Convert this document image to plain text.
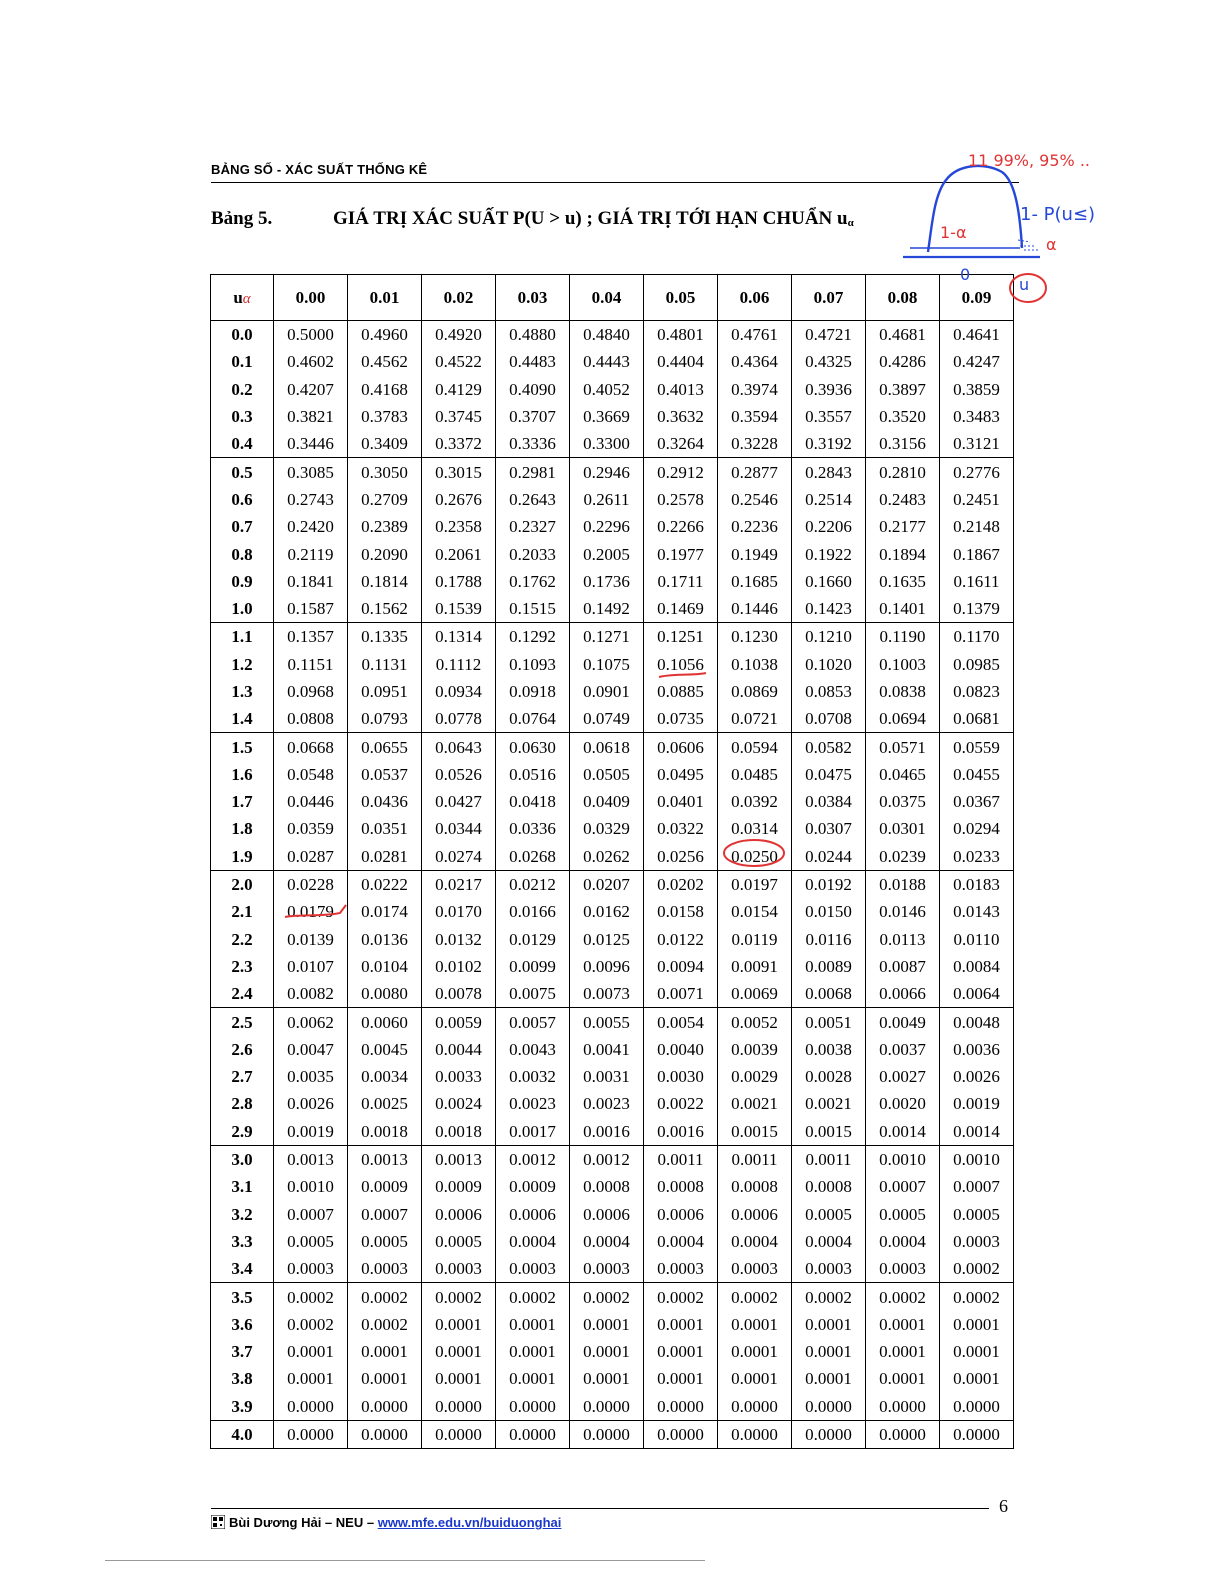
BẢNG SỐ - XÁC SUẤT THỐNG KÊ
Bảng 5.	GIÁ TRỊ XÁC SUẤT P(U > u) ; GIÁ TRỊ TỚI HẠN CHUẨN $u_\alpha$
uα	0.00	0.01	0.02	0.03	0.04	0.05	0.06	0.07	0.08	0.09
0.0	0.5000	0.4960	0.4920	0.4880	0.4840	0.4801	0.4761	0.4721	0.4681	0.4641
0.1	0.4602	0.4562	0.4522	0.4483	0.4443	0.4404	0.4364	0.4325	0.4286	0.4247
0.2	0.4207	0.4168	0.4129	0.4090	0.4052	0.4013	0.3974	0.3936	0.3897	0.3859
0.3	0.3821	0.3783	0.3745	0.3707	0.3669	0.3632	0.3594	0.3557	0.3520	0.3483
0.4	0.3446	0.3409	0.3372	0.3336	0.3300	0.3264	0.3228	0.3192	0.3156	0.3121
0.5	0.3085	0.3050	0.3015	0.2981	0.2946	0.2912	0.2877	0.2843	0.2810	0.2776
0.6	0.2743	0.2709	0.2676	0.2643	0.2611	0.2578	0.2546	0.2514	0.2483	0.2451
0.7	0.2420	0.2389	0.2358	0.2327	0.2296	0.2266	0.2236	0.2206	0.2177	0.2148
0.8	0.2119	0.2090	0.2061	0.2033	0.2005	0.1977	0.1949	0.1922	0.1894	0.1867
0.9	0.1841	0.1814	0.1788	0.1762	0.1736	0.1711	0.1685	0.1660	0.1635	0.1611
1.0	0.1587	0.1562	0.1539	0.1515	0.1492	0.1469	0.1446	0.1423	0.1401	0.1379
1.1	0.1357	0.1335	0.1314	0.1292	0.1271	0.1251	0.1230	0.1210	0.1190	0.1170
1.2	0.1151	0.1131	0.1112	0.1093	0.1075	0.1056	0.1038	0.1020	0.1003	0.0985
1.3	0.0968	0.0951	0.0934	0.0918	0.0901	0.0885	0.0869	0.0853	0.0838	0.0823
1.4	0.0808	0.0793	0.0778	0.0764	0.0749	0.0735	0.0721	0.0708	0.0694	0.0681
1.5	0.0668	0.0655	0.0643	0.0630	0.0618	0.0606	0.0594	0.0582	0.0571	0.0559
1.6	0.0548	0.0537	0.0526	0.0516	0.0505	0.0495	0.0485	0.0475	0.0465	0.0455
1.7	0.0446	0.0436	0.0427	0.0418	0.0409	0.0401	0.0392	0.0384	0.0375	0.0367
1.8	0.0359	0.0351	0.0344	0.0336	0.0329	0.0322	0.0314	0.0307	0.0301	0.0294
1.9	0.0287	0.0281	0.0274	0.0268	0.0262	0.0256	0.0250	0.0244	0.0239	0.0233
2.0	0.0228	0.0222	0.0217	0.0212	0.0207	0.0202	0.0197	0.0192	0.0188	0.0183
2.1	0.0179	0.0174	0.0170	0.0166	0.0162	0.0158	0.0154	0.0150	0.0146	0.0143
2.2	0.0139	0.0136	0.0132	0.0129	0.0125	0.0122	0.0119	0.0116	0.0113	0.0110
2.3	0.0107	0.0104	0.0102	0.0099	0.0096	0.0094	0.0091	0.0089	0.0087	0.0084
2.4	0.0082	0.0080	0.0078	0.0075	0.0073	0.0071	0.0069	0.0068	0.0066	0.0064
2.5	0.0062	0.0060	0.0059	0.0057	0.0055	0.0054	0.0052	0.0051	0.0049	0.0048
2.6	0.0047	0.0045	0.0044	0.0043	0.0041	0.0040	0.0039	0.0038	0.0037	0.0036
2.7	0.0035	0.0034	0.0033	0.0032	0.0031	0.0030	0.0029	0.0028	0.0027	0.0026
2.8	0.0026	0.0025	0.0024	0.0023	0.0023	0.0022	0.0021	0.0021	0.0020	0.0019
2.9	0.0019	0.0018	0.0018	0.0017	0.0016	0.0016	0.0015	0.0015	0.0014	0.0014
3.0	0.0013	0.0013	0.0013	0.0012	0.0012	0.0011	0.0011	0.0011	0.0010	0.0010
3.1	0.0010	0.0009	0.0009	0.0009	0.0008	0.0008	0.0008	0.0008	0.0007	0.0007
3.2	0.0007	0.0007	0.0006	0.0006	0.0006	0.0006	0.0006	0.0005	0.0005	0.0005
3.3	0.0005	0.0005	0.0005	0.0004	0.0004	0.0004	0.0004	0.0004	0.0004	0.0003
3.4	0.0003	0.0003	0.0003	0.0003	0.0003	0.0003	0.0003	0.0003	0.0003	0.0002
3.5	0.0002	0.0002	0.0002	0.0002	0.0002	0.0002	0.0002	0.0002	0.0002	0.0002
3.6	0.0002	0.0002	0.0001	0.0001	0.0001	0.0001	0.0001	0.0001	0.0001	0.0001
3.7	0.0001	0.0001	0.0001	0.0001	0.0001	0.0001	0.0001	0.0001	0.0001	0.0001
3.8	0.0001	0.0001	0.0001	0.0001	0.0001	0.0001	0.0001	0.0001	0.0001	0.0001
3.9	0.0000	0.0000	0.0000	0.0000	0.0000	0.0000	0.0000	0.0000	0.0000	0.0000
4.0	0.0000	0.0000	0.0000	0.0000	0.0000	0.0000	0.0000	0.0000	0.0000	0.0000
1-α
11 99%, 95% ..
1- P(u≤)
α
0
u
6
Bùi Dương Hải – NEU – www.mfe.edu.vn/buiduonghai
